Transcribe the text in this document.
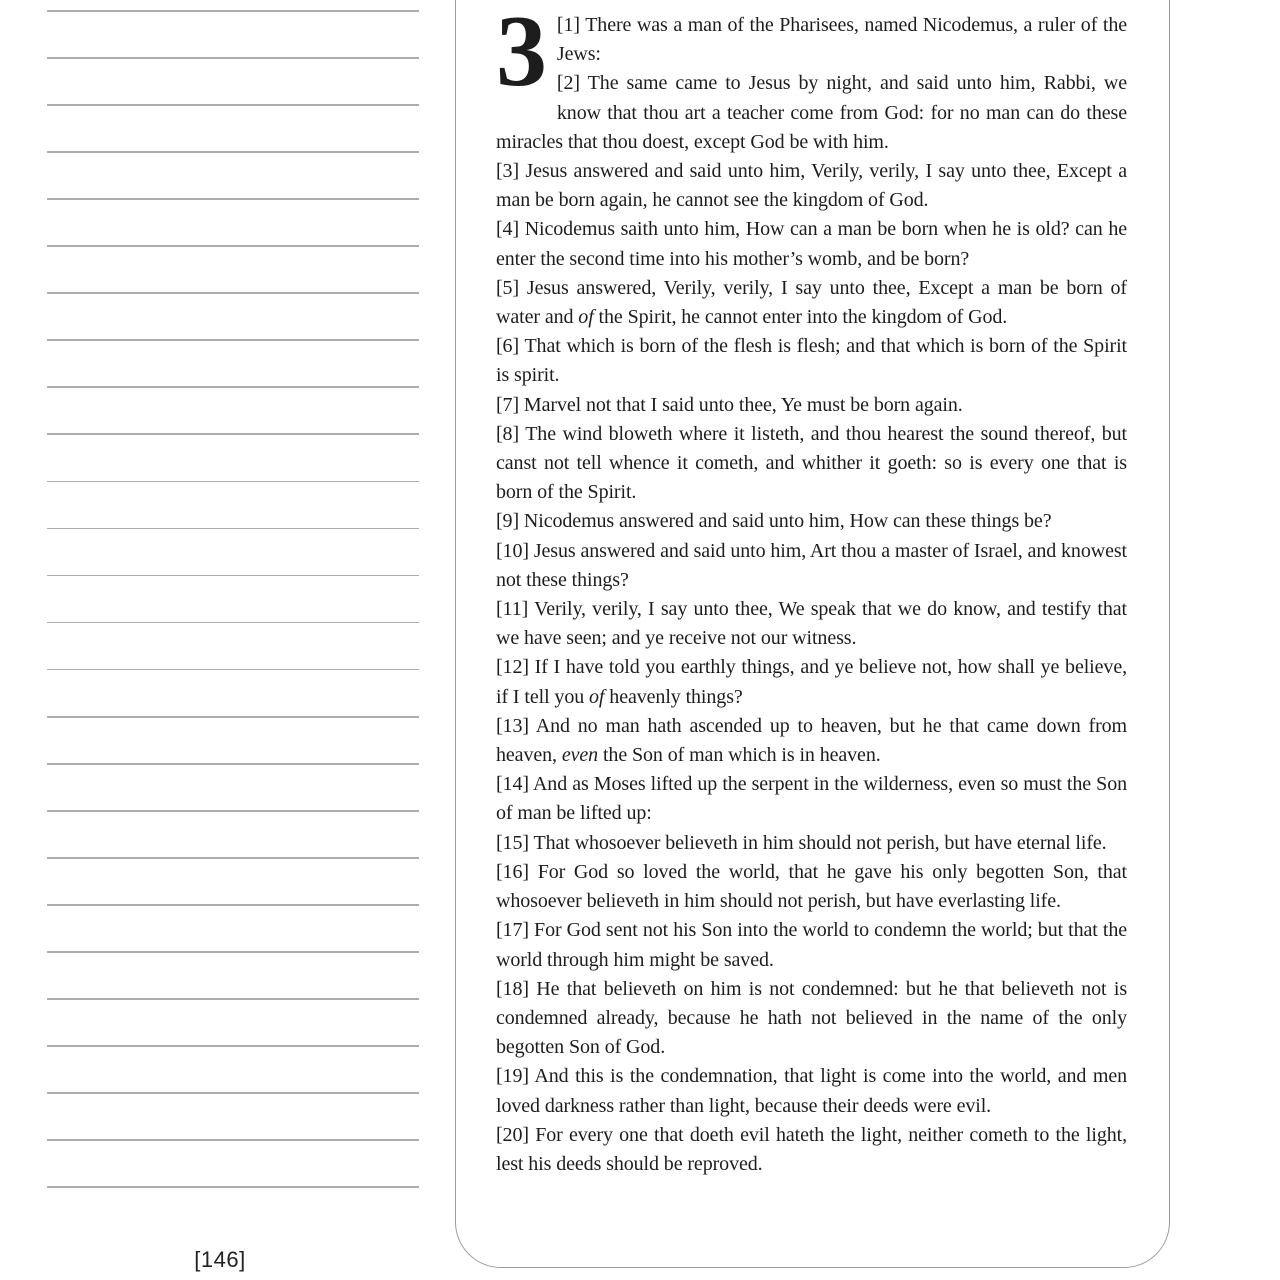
[146]
3 [1] There was a man of the Pharisees, named Nicodemus, a ruler of the Jews:

[2] The same came to Jesus by night, and said unto him, Rabbi, we know that thou art a teacher come from God: for no man can do these miracles that thou doest, except God be with him.

[3] Jesus answered and said unto him, Verily, verily, I say unto thee, Except a man be born again, he cannot see the kingdom of God.

[4] Nicodemus saith unto him, How can a man be born when he is old? can he enter the second time into his mother’s womb, and be born?

[5] Jesus answered, Verily, verily, I say unto thee, Except a man be born of water and of the Spirit, he cannot enter into the kingdom of God.

[6] That which is born of the flesh is flesh; and that which is born of the Spirit is spirit.

[7] Marvel not that I said unto thee, Ye must be born again.

[8] The wind bloweth where it listeth, and thou hearest the sound thereof, but canst not tell whence it cometh, and whither it goeth: so is every one that is born of the Spirit.

[9] Nicodemus answered and said unto him, How can these things be?

[10] Jesus answered and said unto him, Art thou a master of Israel, and knowest not these things?

[11] Verily, verily, I say unto thee, We speak that we do know, and testify that we have seen; and ye receive not our witness.

[12] If I have told you earthly things, and ye believe not, how shall ye believe, if I tell you of heavenly things?

[13] And no man hath ascended up to heaven, but he that came down from heaven, even the Son of man which is in heaven.

[14] And as Moses lifted up the serpent in the wilderness, even so must the Son of man be lifted up:

[15] That whosoever believeth in him should not perish, but have eternal life.

[16] For God so loved the world, that he gave his only begotten Son, that whosoever believeth in him should not perish, but have everlasting life.

[17] For God sent not his Son into the world to condemn the world; but that the world through him might be saved.

[18] He that believeth on him is not condemned: but he that believeth not is condemned already, because he hath not believed in the name of the only begotten Son of God.

[19] And this is the condemnation, that light is come into the world, and men loved darkness rather than light, because their deeds were evil.

[20] For every one that doeth evil hateth the light, neither cometh to the light, lest his deeds should be reproved.
